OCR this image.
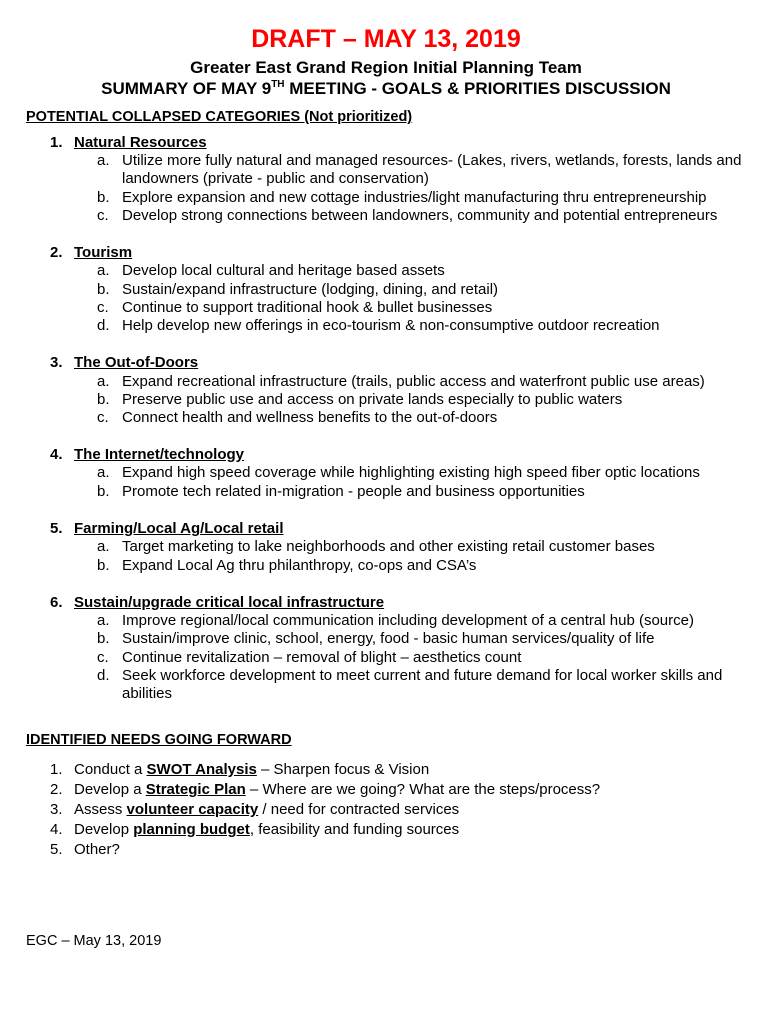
DRAFT – MAY 13, 2019
Greater East Grand Region Initial Planning Team
SUMMARY OF MAY 9TH MEETING - GOALS & PRIORITIES DISCUSSION
POTENTIAL COLLAPSED CATEGORIES (Not prioritized)
1. Natural Resources
a. Utilize more fully natural and managed resources- (Lakes, rivers, wetlands, forests, lands and landowners (private - public and conservation)
b. Explore expansion and new cottage industries/light manufacturing thru entrepreneurship
c. Develop strong connections between landowners, community and potential entrepreneurs
2. Tourism
a. Develop local cultural and heritage based assets
b. Sustain/expand infrastructure (lodging, dining, and retail)
c. Continue to support traditional hook & bullet businesses
d. Help develop new offerings in eco-tourism & non-consumptive outdoor recreation
3. The Out-of-Doors
a. Expand recreational infrastructure (trails, public access and waterfront public use areas)
b. Preserve public use and access on private lands especially to public waters
c. Connect health and wellness benefits to the out-of-doors
4. The Internet/technology
a. Expand high speed coverage while highlighting existing high speed fiber optic locations
b. Promote tech related in-migration - people and business opportunities
5. Farming/Local Ag/Local retail
a. Target marketing to lake neighborhoods and other existing retail customer bases
b. Expand Local Ag thru philanthropy, co-ops and CSA’s
6. Sustain/upgrade critical local infrastructure
a. Improve regional/local communication including development of a central hub (source)
b. Sustain/improve clinic, school, energy, food - basic human services/quality of life
c. Continue revitalization – removal of blight – aesthetics count
d. Seek workforce development to meet current and future demand for local worker skills and abilities
IDENTIFIED NEEDS GOING FORWARD
1. Conduct a SWOT Analysis – Sharpen focus & Vision
2. Develop a Strategic Plan – Where are we going? What are the steps/process?
3. Assess volunteer capacity / need for contracted services
4. Develop planning budget, feasibility and funding sources
5. Other?
EGC – May 13, 2019
